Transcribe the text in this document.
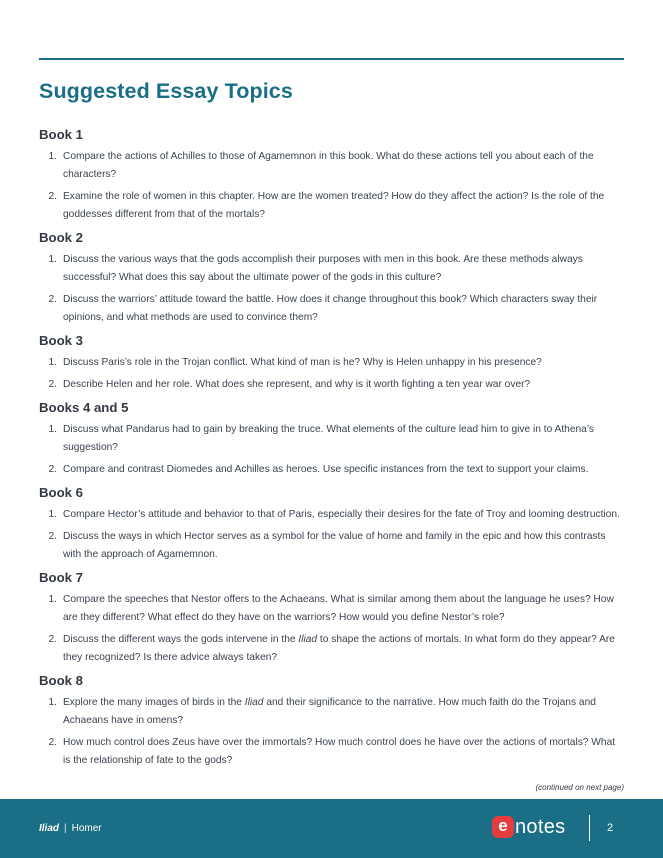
Suggested Essay Topics
Book 1
1. Compare the actions of Achilles to those of Agamemnon in this book. What do these actions tell you about each of the characters?
2. Examine the role of women in this chapter. How are the women treated? How do they affect the action? Is the role of the goddesses different from that of the mortals?
Book 2
1. Discuss the various ways that the gods accomplish their purposes with men in this book. Are these methods always successful? What does this say about the ultimate power of the gods in this culture?
2. Discuss the warriors’ attitude toward the battle. How does it change throughout this book? Which characters sway their opinions, and what methods are used to convince them?
Book 3
1. Discuss Paris’s role in the Trojan conflict. What kind of man is he? Why is Helen unhappy in his presence?
2. Describe Helen and her role. What does she represent, and why is it worth fighting a ten year war over?
Books 4 and 5
1. Discuss what Pandarus had to gain by breaking the truce. What elements of the culture lead him to give in to Athena’s suggestion?
2. Compare and contrast Diomedes and Achilles as heroes. Use specific instances from the text to support your claims.
Book 6
1. Compare Hector’s attitude and behavior to that of Paris, especially their desires for the fate of Troy and looming destruction.
2. Discuss the ways in which Hector serves as a symbol for the value of home and family in the epic and how this contrasts with the approach of Agamemnon.
Book 7
1. Compare the speeches that Nestor offers to the Achaeans. What is similar among them about the language he uses? How are they different? What effect do they have on the warriors? How would you define Nestor’s role?
2. Discuss the different ways the gods intervene in the Iliad to shape the actions of mortals. In what form do they appear? Are they recognized? Is there advice always taken?
Book 8
1. Explore the many images of birds in the Iliad and their significance to the narrative. How much faith do the Trojans and Achaeans have in omens?
2. How much control does Zeus have over the immortals? How much control does he have over the actions of mortals? What is the relationship of fate to the gods?
(continued on next page)
Iliad | Homer	e notes	2
